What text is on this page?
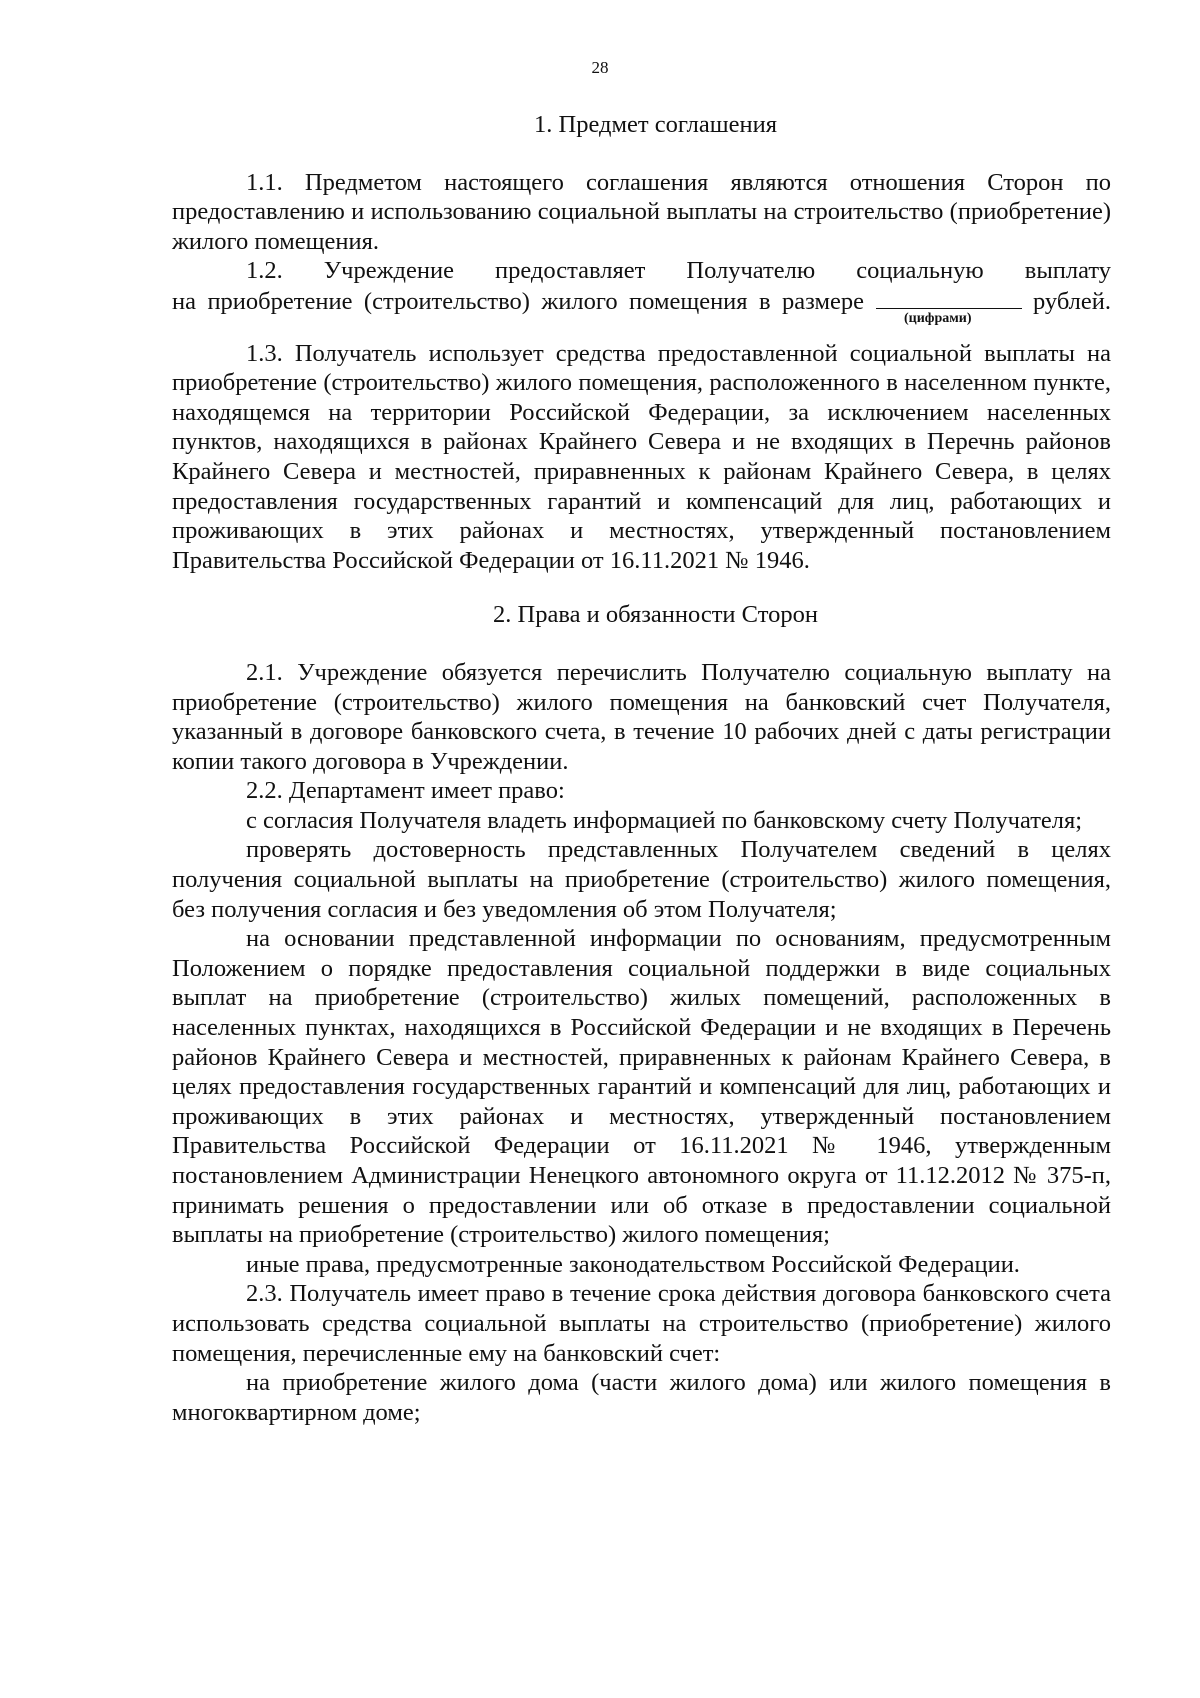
28

1. Предмет соглашения

1.1. Предметом настоящего соглашения являются отношения Сторон по предоставлению и использованию социальной выплаты на строительство (приобретение) жилого помещения.

1.2. Учреждение предоставляет Получателю социальную выплату

на приобретение (строительство) жилого помещения в размере	рублей.

(цифрами)

1.3. Получатель использует средства предоставленной социальной выплаты на приобретение (строительство) жилого помещения, расположенного в населенном пункте, находящемся на территории Российской Федерации, за исключением населенных пунктов, находящихся в районах Крайнего Севера и не входящих в Перечнь районов Крайнего Севера и местностей, приравненных к районам Крайнего Севера, в целях предоставления государственных гарантий и компенсаций для лиц, работающих и проживающих в этих районах и местностях, утвержденный постановлением Правительства Российской Федерации от 16.11.2021 № 1946.

2. Права и обязанности Сторон

2.1. Учреждение обязуется перечислить Получателю социальную выплату на приобретение (строительство) жилого помещения на банковский счет Получателя, указанный в договоре банковского счета, в течение 10 рабочих дней с даты регистрации копии такого договора в Учреждении.

2.2. Департамент имеет право:

с согласия Получателя владеть информацией по банковскому счету Получателя;

проверять достоверность представленных Получателем сведений в целях получения социальной выплаты на приобретение (строительство) жилого помещения, без получения согласия и без уведомления об этом Получателя;

на основании представленной информации по основаниям, предусмотренным Положением о порядке предоставления социальной поддержки в виде социальных выплат на приобретение (строительство) жилых помещений, расположенных в населенных пунктах, находящихся в Российской Федерации и не входящих в Перечень районов Крайнего Севера и местностей, приравненных к районам Крайнего Севера, в целях предоставления государственных гарантий и компенсаций для лиц, работающих и проживающих в этих районах и местностях, утвержденный постановлением Правительства Российской Федерации от 16.11.2021 № 1946, утвержденным постановлением Администрации Ненецкого автономного округа от 11.12.2012 № 375-п, принимать решения о предоставлении или об отказе в предоставлении социальной выплаты на приобретение (строительство) жилого помещения;

иные права, предусмотренные законодательством Российской Федерации.

2.3. Получатель имеет право в течение срока действия договора банковского счета использовать средства социальной выплаты на строительство (приобретение) жилого помещения, перечисленные ему на банковский счет:

на приобретение жилого дома (части жилого дома) или жилого помещения в многоквартирном доме;
